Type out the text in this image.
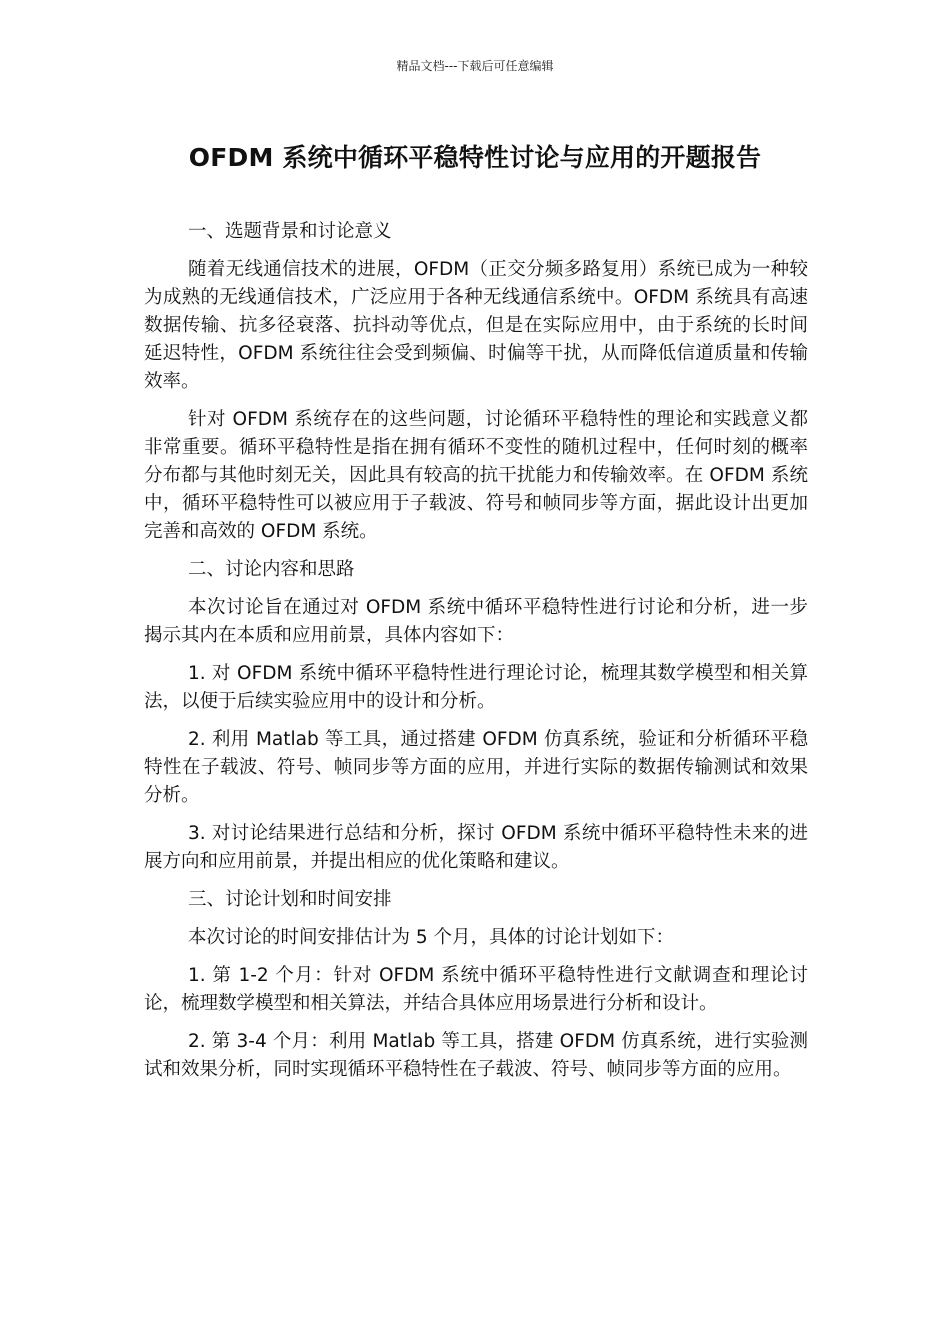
精品文档---下载后可任意编辑
OFDM 系统中循环平稳特性讨论与应用的开题报告

一、选题背景和讨论意义

随着无线通信技术的进展，OFDM（正交分频多路复用）系统已成为一种较为成熟的无线通信技术，广泛应用于各种无线通信系统中。OFDM 系统具有高速数据传输、抗多径衰落、抗抖动等优点，但是在实际应用中，由于系统的长时间延迟特性，OFDM 系统往往会受到频偏、时偏等干扰，从而降低信道质量和传输效率。

针对 OFDM 系统存在的这些问题，讨论循环平稳特性的理论和实践意义都非常重要。循环平稳特性是指在拥有循环不变性的随机过程中，任何时刻的概率分布都与其他时刻无关，因此具有较高的抗干扰能力和传输效率。在 OFDM 系统中，循环平稳特性可以被应用于子载波、符号和帧同步等方面，据此设计出更加完善和高效的 OFDM 系统。

二、讨论内容和思路

本次讨论旨在通过对 OFDM 系统中循环平稳特性进行讨论和分析，进一步揭示其内在本质和应用前景，具体内容如下：

1. 对 OFDM 系统中循环平稳特性进行理论讨论，梳理其数学模型和相关算法，以便于后续实验应用中的设计和分析。

2. 利用 Matlab 等工具，通过搭建 OFDM 仿真系统，验证和分析循环平稳特性在子载波、符号、帧同步等方面的应用，并进行实际的数据传输测试和效果分析。

3. 对讨论结果进行总结和分析，探讨 OFDM 系统中循环平稳特性未来的进展方向和应用前景，并提出相应的优化策略和建议。

三、讨论计划和时间安排

本次讨论的时间安排估计为 5 个月，具体的讨论计划如下：

1. 第 1-2 个月：针对 OFDM 系统中循环平稳特性进行文献调查和理论讨论，梳理数学模型和相关算法，并结合具体应用场景进行分析和设计。

2. 第 3-4 个月：利用 Matlab 等工具，搭建 OFDM 仿真系统，进行实验测试和效果分析，同时实现循环平稳特性在子载波、符号、帧同步等方面的应用。
